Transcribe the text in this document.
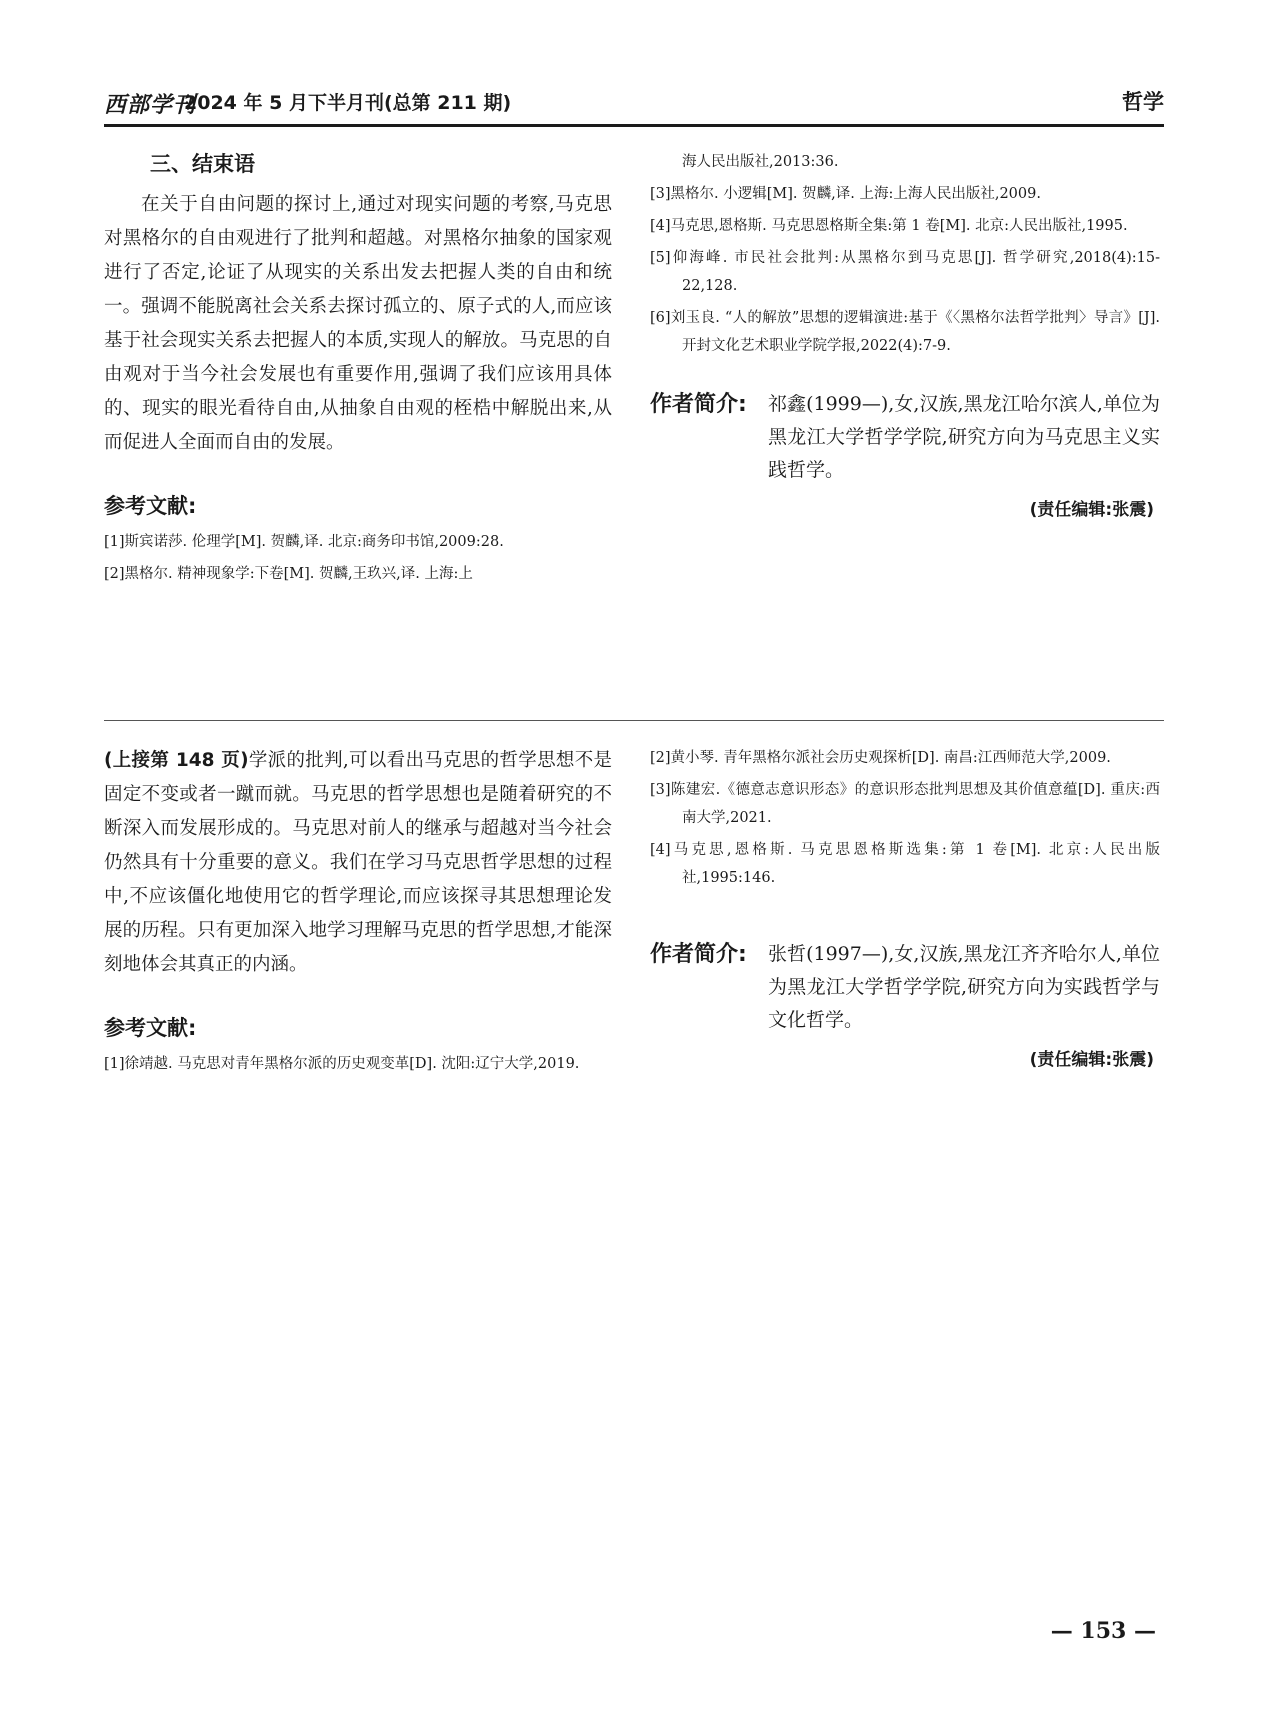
西部学刊
2024 年 5 月下半月刊(总第 211 期)	哲学
三、结束语

在关于自由问题的探讨上,通过对现实问题的考察,马克思对黑格尔的自由观进行了批判和超越。对黑格尔抽象的国家观进行了否定,论证了从现实的关系出发去把握人类的自由和统一。强调不能脱离社会关系去探讨孤立的、原子式的人,而应该基于社会现实关系去把握人的本质,实现人的解放。马克思的自由观对于当今社会发展也有重要作用,强调了我们应该用具体的、现实的眼光看待自由,从抽象自由观的桎梏中解脱出来,从而促进人全面而自由的发展。

参考文献:
[1]斯宾诺莎. 伦理学[M]. 贺麟,译. 北京:商务印书馆,2009:28.
[2]黑格尔. 精神现象学:下卷[M]. 贺麟,王玖兴,译. 上海:上
海人民出版社,2013:36.
[3]黑格尔. 小逻辑[M]. 贺麟,译. 上海:上海人民出版社,2009.
[4]马克思,恩格斯. 马克思恩格斯全集:第 1 卷[M]. 北京:人民出版社,1995.
[5]仰海峰. 市民社会批判:从黑格尔到马克思[J]. 哲学研究,2018(4):15-22,128.
[6]刘玉良. “人的解放”思想的逻辑演进:基于《〈黑格尔法哲学批判〉导言》[J]. 开封文化艺术职业学院学报,2022(4):7-9.
作者简介: 祁鑫(1999—),女,汉族,黑龙江哈尔滨人,单位为黑龙江大学哲学学院,研究方向为马克思主义实践哲学。
(责任编辑:张震)

(上接第 148 页)学派的批判,可以看出马克思的哲学思想不是固定不变或者一蹴而就。马克思的哲学思想也是随着研究的不断深入而发展形成的。马克思对前人的继承与超越对当今社会仍然具有十分重要的意义。我们在学习马克思哲学思想的过程中,不应该僵化地使用它的哲学理论,而应该探寻其思想理论发展的历程。只有更加深入地学习理解马克思的哲学思想,才能深刻地体会其真正的内涵。

参考文献:
[1]徐靖越. 马克思对青年黑格尔派的历史观变革[D]. 沈阳:辽宁大学,2019.
[2]黄小琴. 青年黑格尔派社会历史观探析[D]. 南昌:江西师范大学,2009.
[3]陈建宏.《德意志意识形态》的意识形态批判思想及其价值意蕴[D]. 重庆:西南大学,2021.
[4]马克思,恩格斯. 马克思恩格斯选集:第 1 卷[M]. 北京:人民出版社,1995:146.
作者简介: 张哲(1997—),女,汉族,黑龙江齐齐哈尔人,单位为黑龙江大学哲学学院,研究方向为实践哲学与文化哲学。
(责任编辑:张震)
— 153 —
